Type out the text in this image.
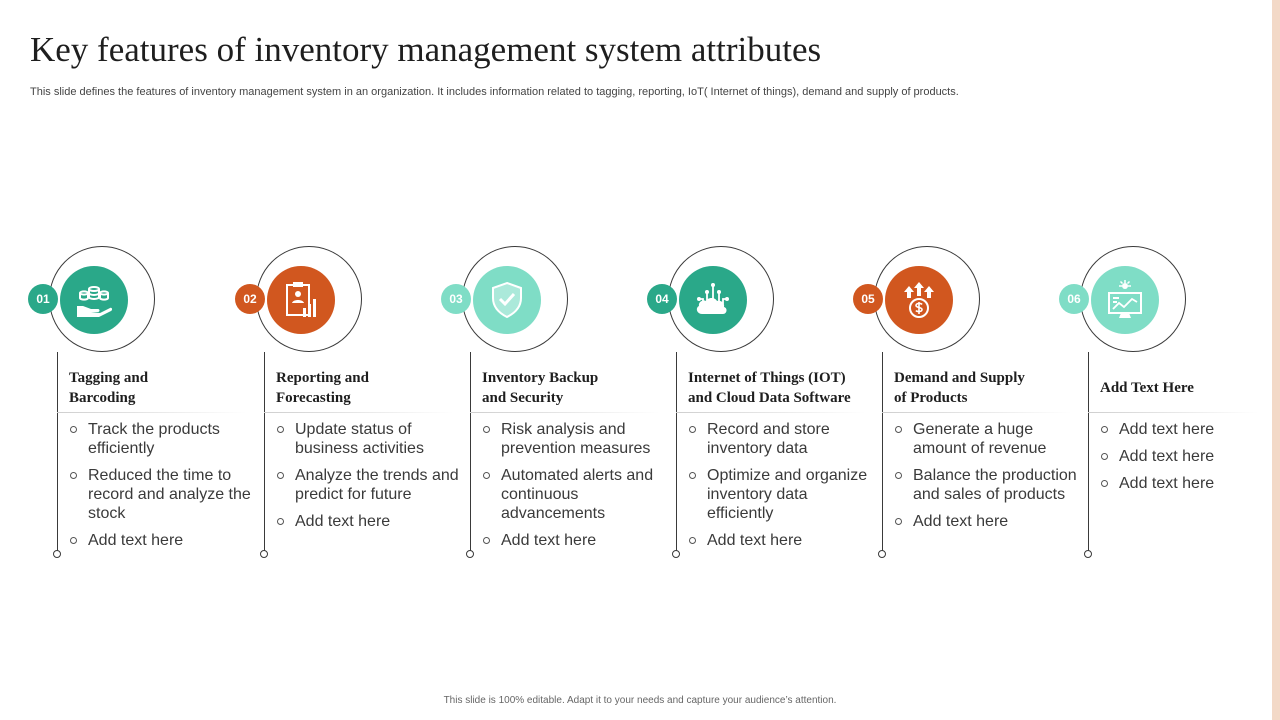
Key features of inventory management system attributes
This slide defines the features of inventory management system in an organization. It includes information related to tagging, reporting, IoT( Internet of things), demand and supply of products.
01
Tagging and
Barcoding
Track the products efficiently
Reduced the time to record and analyze the stock
Add text here
02
Reporting and
Forecasting
Update status of business activities
Analyze the trends and predict for future
Add text here
03
Inventory Backup
and Security
Risk analysis and prevention measures
Automated alerts and continuous advancements
Add text here
04
Internet of Things (IOT)
and Cloud Data Software
Record and store inventory data
Optimize and organize inventory data efficiently
Add text here
05
Demand and Supply
of Products
Generate a huge amount of revenue
Balance the production and sales of products
Add text here
06
Add Text Here
Add text here
Add text here
Add text here
This slide is 100% editable. Adapt it to your needs and capture your audience’s attention.
